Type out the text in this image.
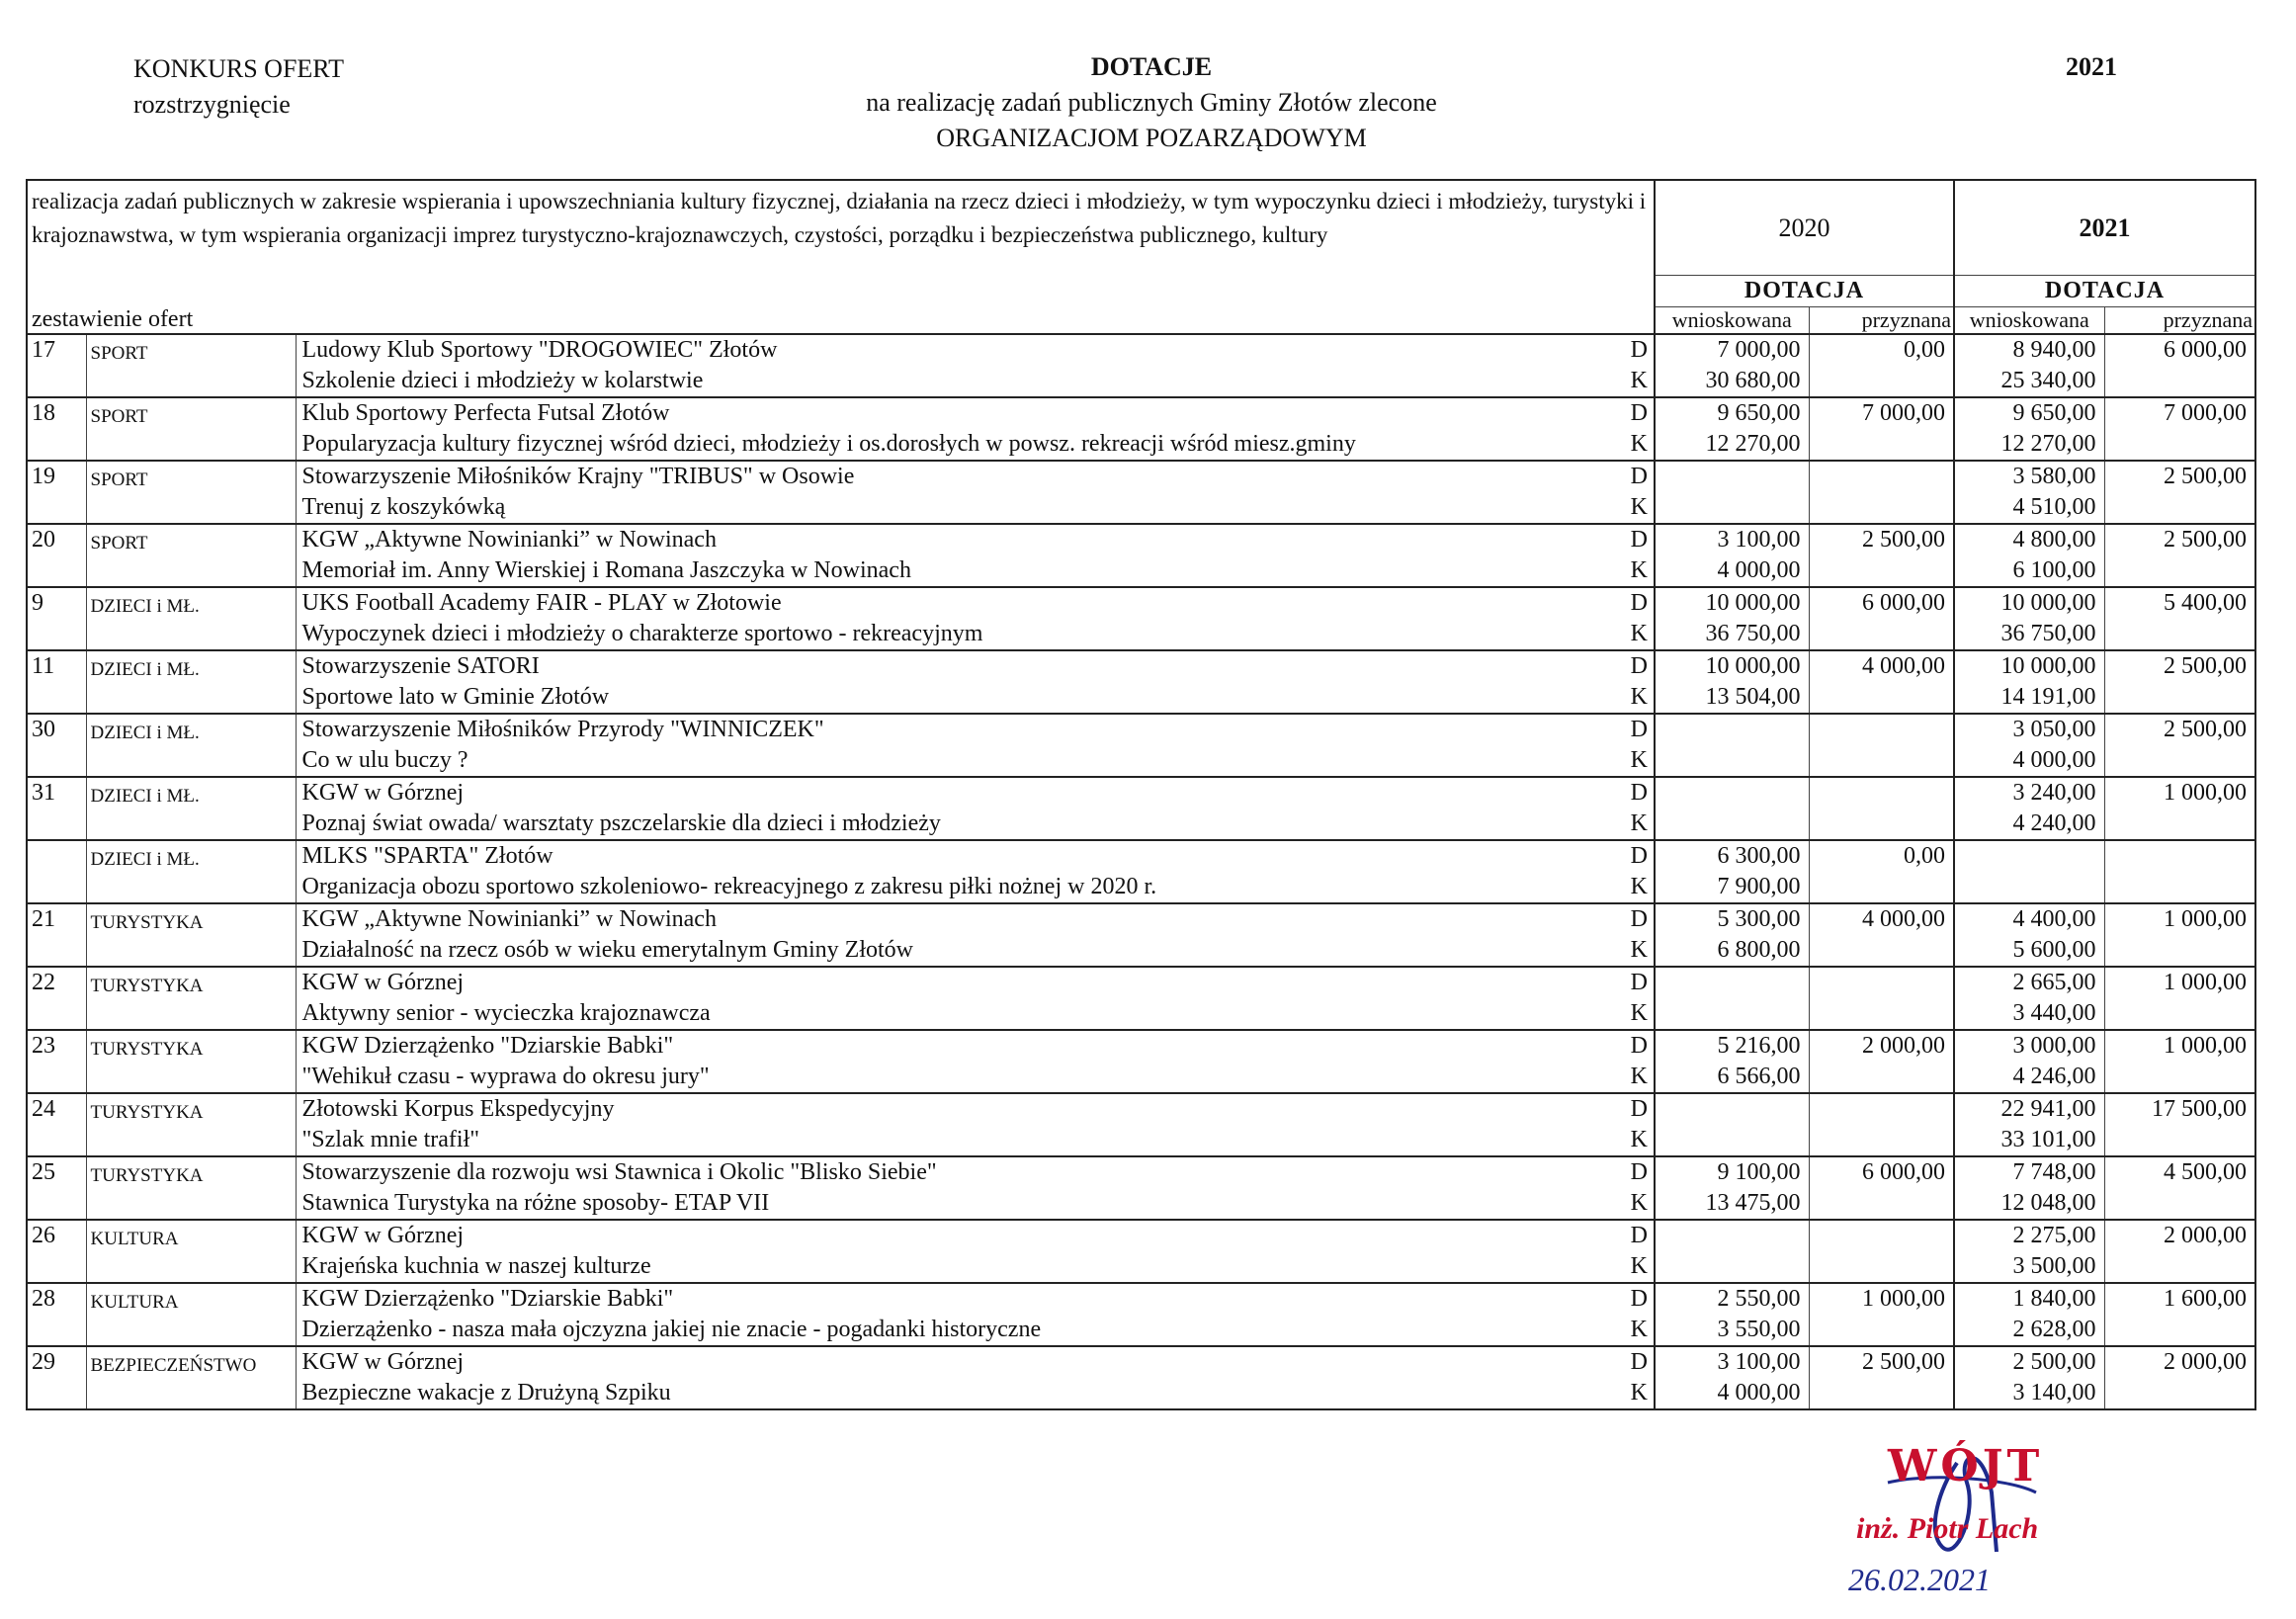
KONKURS OFERT
rozstrzygnięcie
DOTACJE
na realizację zadań publicznych Gminy Złotów zlecone
ORGANIZACJOM POZARZĄDOWYM
2021
realizacja zadań publicznych w zakresie wspierania i upowszechniania kultury fizycznej, działania na rzecz dzieci i młodzieży, w tym wypoczynku dzieci i młodzieży, turystyki i krajoznawstwa, w tym wspierania organizacji imprez turystyczno-krajoznawczych, czystości, porządku i bezpieczeństwa publicznego, kultury				2020		2021	
				DOTACJA		DOTACJA	
zestawienie ofert				wnioskowana	przyznana	wnioskowana	przyznana
17	SPORT	Ludowy Klub Sportowy "DROGOWIEC" Złotów	D	7 000,00	0,00	8 940,00	6 000,00
		Szkolenie dzieci i młodzieży w kolarstwie	K	30 680,00		25 340,00	
18	SPORT	Klub Sportowy Perfecta Futsal Złotów	D	9 650,00	7 000,00	9 650,00	7 000,00
		Popularyzacja kultury fizycznej wśród dzieci, młodzieży i os.dorosłych w powsz. rekreacji wśród miesz.gminy	K	12 270,00		12 270,00	
19	SPORT	Stowarzyszenie Miłośników Krajny "TRIBUS" w Osowie	D			3 580,00	2 500,00
		Trenuj z koszykówką	K			4 510,00	
20	SPORT	KGW „Aktywne Nowinianki” w Nowinach	D	3 100,00	2 500,00	4 800,00	2 500,00
		Memoriał im. Anny Wierskiej i Romana Jaszczyka w Nowinach	K	4 000,00		6 100,00	
9	DZIECI i MŁ.	UKS Football Academy FAIR - PLAY w Złotowie	D	10 000,00	6 000,00	10 000,00	5 400,00
		Wypoczynek dzieci i młodzieży o charakterze sportowo - rekreacyjnym	K	36 750,00		36 750,00	
11	DZIECI i MŁ.	Stowarzyszenie SATORI	D	10 000,00	4 000,00	10 000,00	2 500,00
		Sportowe lato w Gminie Złotów	K	13 504,00		14 191,00	
30	DZIECI i MŁ.	Stowarzyszenie Miłośników Przyrody "WINNICZEK"	D			3 050,00	2 500,00
		Co w ulu buczy ?	K			4 000,00	
31	DZIECI i MŁ.	KGW w Górznej	D			3 240,00	1 000,00
		Poznaj świat owada/ warsztaty pszczelarskie dla dzieci i młodzieży	K			4 240,00	
	DZIECI i MŁ.	MLKS "SPARTA" Złotów	D	6 300,00	0,00		
		Organizacja obozu sportowo szkoleniowo- rekreacyjnego z zakresu piłki nożnej w 2020 r.	K	7 900,00			
21	TURYSTYKA	KGW „Aktywne Nowinianki” w Nowinach	D	5 300,00	4 000,00	4 400,00	1 000,00
		Działalność na rzecz osób w wieku emerytalnym Gminy Złotów	K	6 800,00		5 600,00	
22	TURYSTYKA	KGW w Górznej	D			2 665,00	1 000,00
		Aktywny senior - wycieczka krajoznawcza	K			3 440,00	
23	TURYSTYKA	KGW Dzierzążenko "Dziarskie Babki"	D	5 216,00	2 000,00	3 000,00	1 000,00
		"Wehikuł czasu - wyprawa do okresu jury"	K	6 566,00		4 246,00	
24	TURYSTYKA	Złotowski Korpus Ekspedycyjny	D			22 941,00	17 500,00
		"Szlak mnie trafił"	K			33 101,00	
25	TURYSTYKA	Stowarzyszenie dla rozwoju wsi Stawnica i Okolic "Blisko Siebie"	D	9 100,00	6 000,00	7 748,00	4 500,00
		Stawnica Turystyka na różne sposoby- ETAP VII	K	13 475,00		12 048,00	
26	KULTURA	KGW w Górznej	D			2 275,00	2 000,00
		Krajeńska kuchnia w naszej kulturze	K			3 500,00	
28	KULTURA	KGW Dzierzążenko "Dziarskie Babki"	D	2 550,00	1 000,00	1 840,00	1 600,00
		Dzierzążenko - nasza mała ojczyzna jakiej nie znacie - pogadanki historyczne	K	3 550,00		2 628,00	
29	BEZPIECZEŃSTWO	KGW w Górznej	D	3 100,00	2 500,00	2 500,00	2 000,00
		Bezpieczne wakacje z Drużyną Szpiku	K	4 000,00		3 140,00	
WÓJT
inż. Piotr Lach
26.02.2021
